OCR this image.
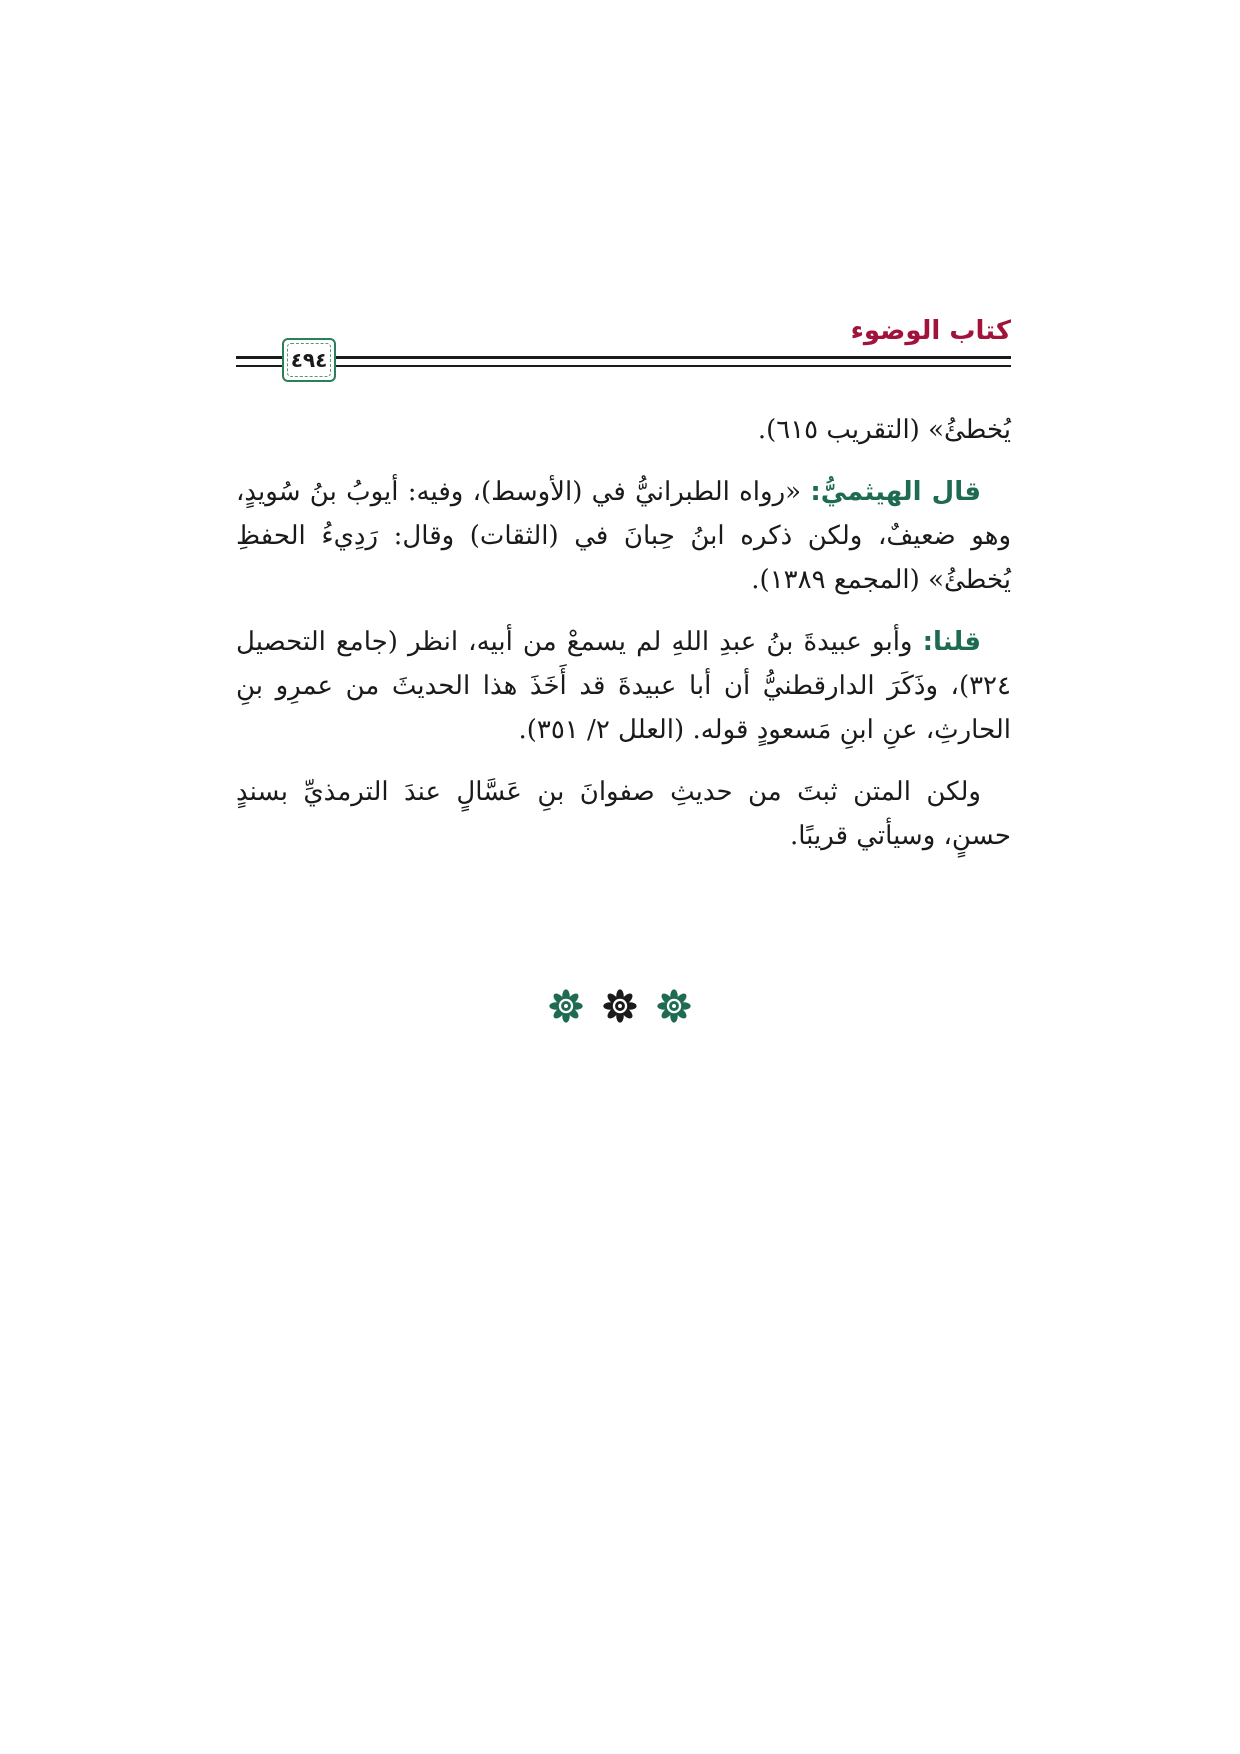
كتاب الوضوء
٤٩٤

يُخطئُ» (التقريب ٦١٥).

قال الهيثميُّ: «رواه الطبرانيُّ في (الأوسط)، وفيه: أيوبُ بنُ سُويدٍ، وهو ضعيفٌ، ولكن ذكره ابنُ حِبانَ في (الثقات) وقال: رَدِيءُ الحفظِ يُخطئُ» (المجمع ١٣٨٩).

قلنا: وأبو عبيدةَ بنُ عبدِ اللهِ لم يسمعْ من أبيه، انظر (جامع التحصيل ٣٢٤)، وذَكَرَ الدارقطنيُّ أن أبا عبيدةَ قد أَخَذَ هذا الحديثَ من عمرِو بنِ الحارثِ، عنِ ابنِ مَسعودٍ قوله. (العلل ٢/ ٣٥١).

ولكن المتن ثبتَ من حديثِ صفوانَ بنِ عَسَّالٍ عندَ الترمذيِّ بسندٍ حسنٍ، وسيأتي قريبًا.
